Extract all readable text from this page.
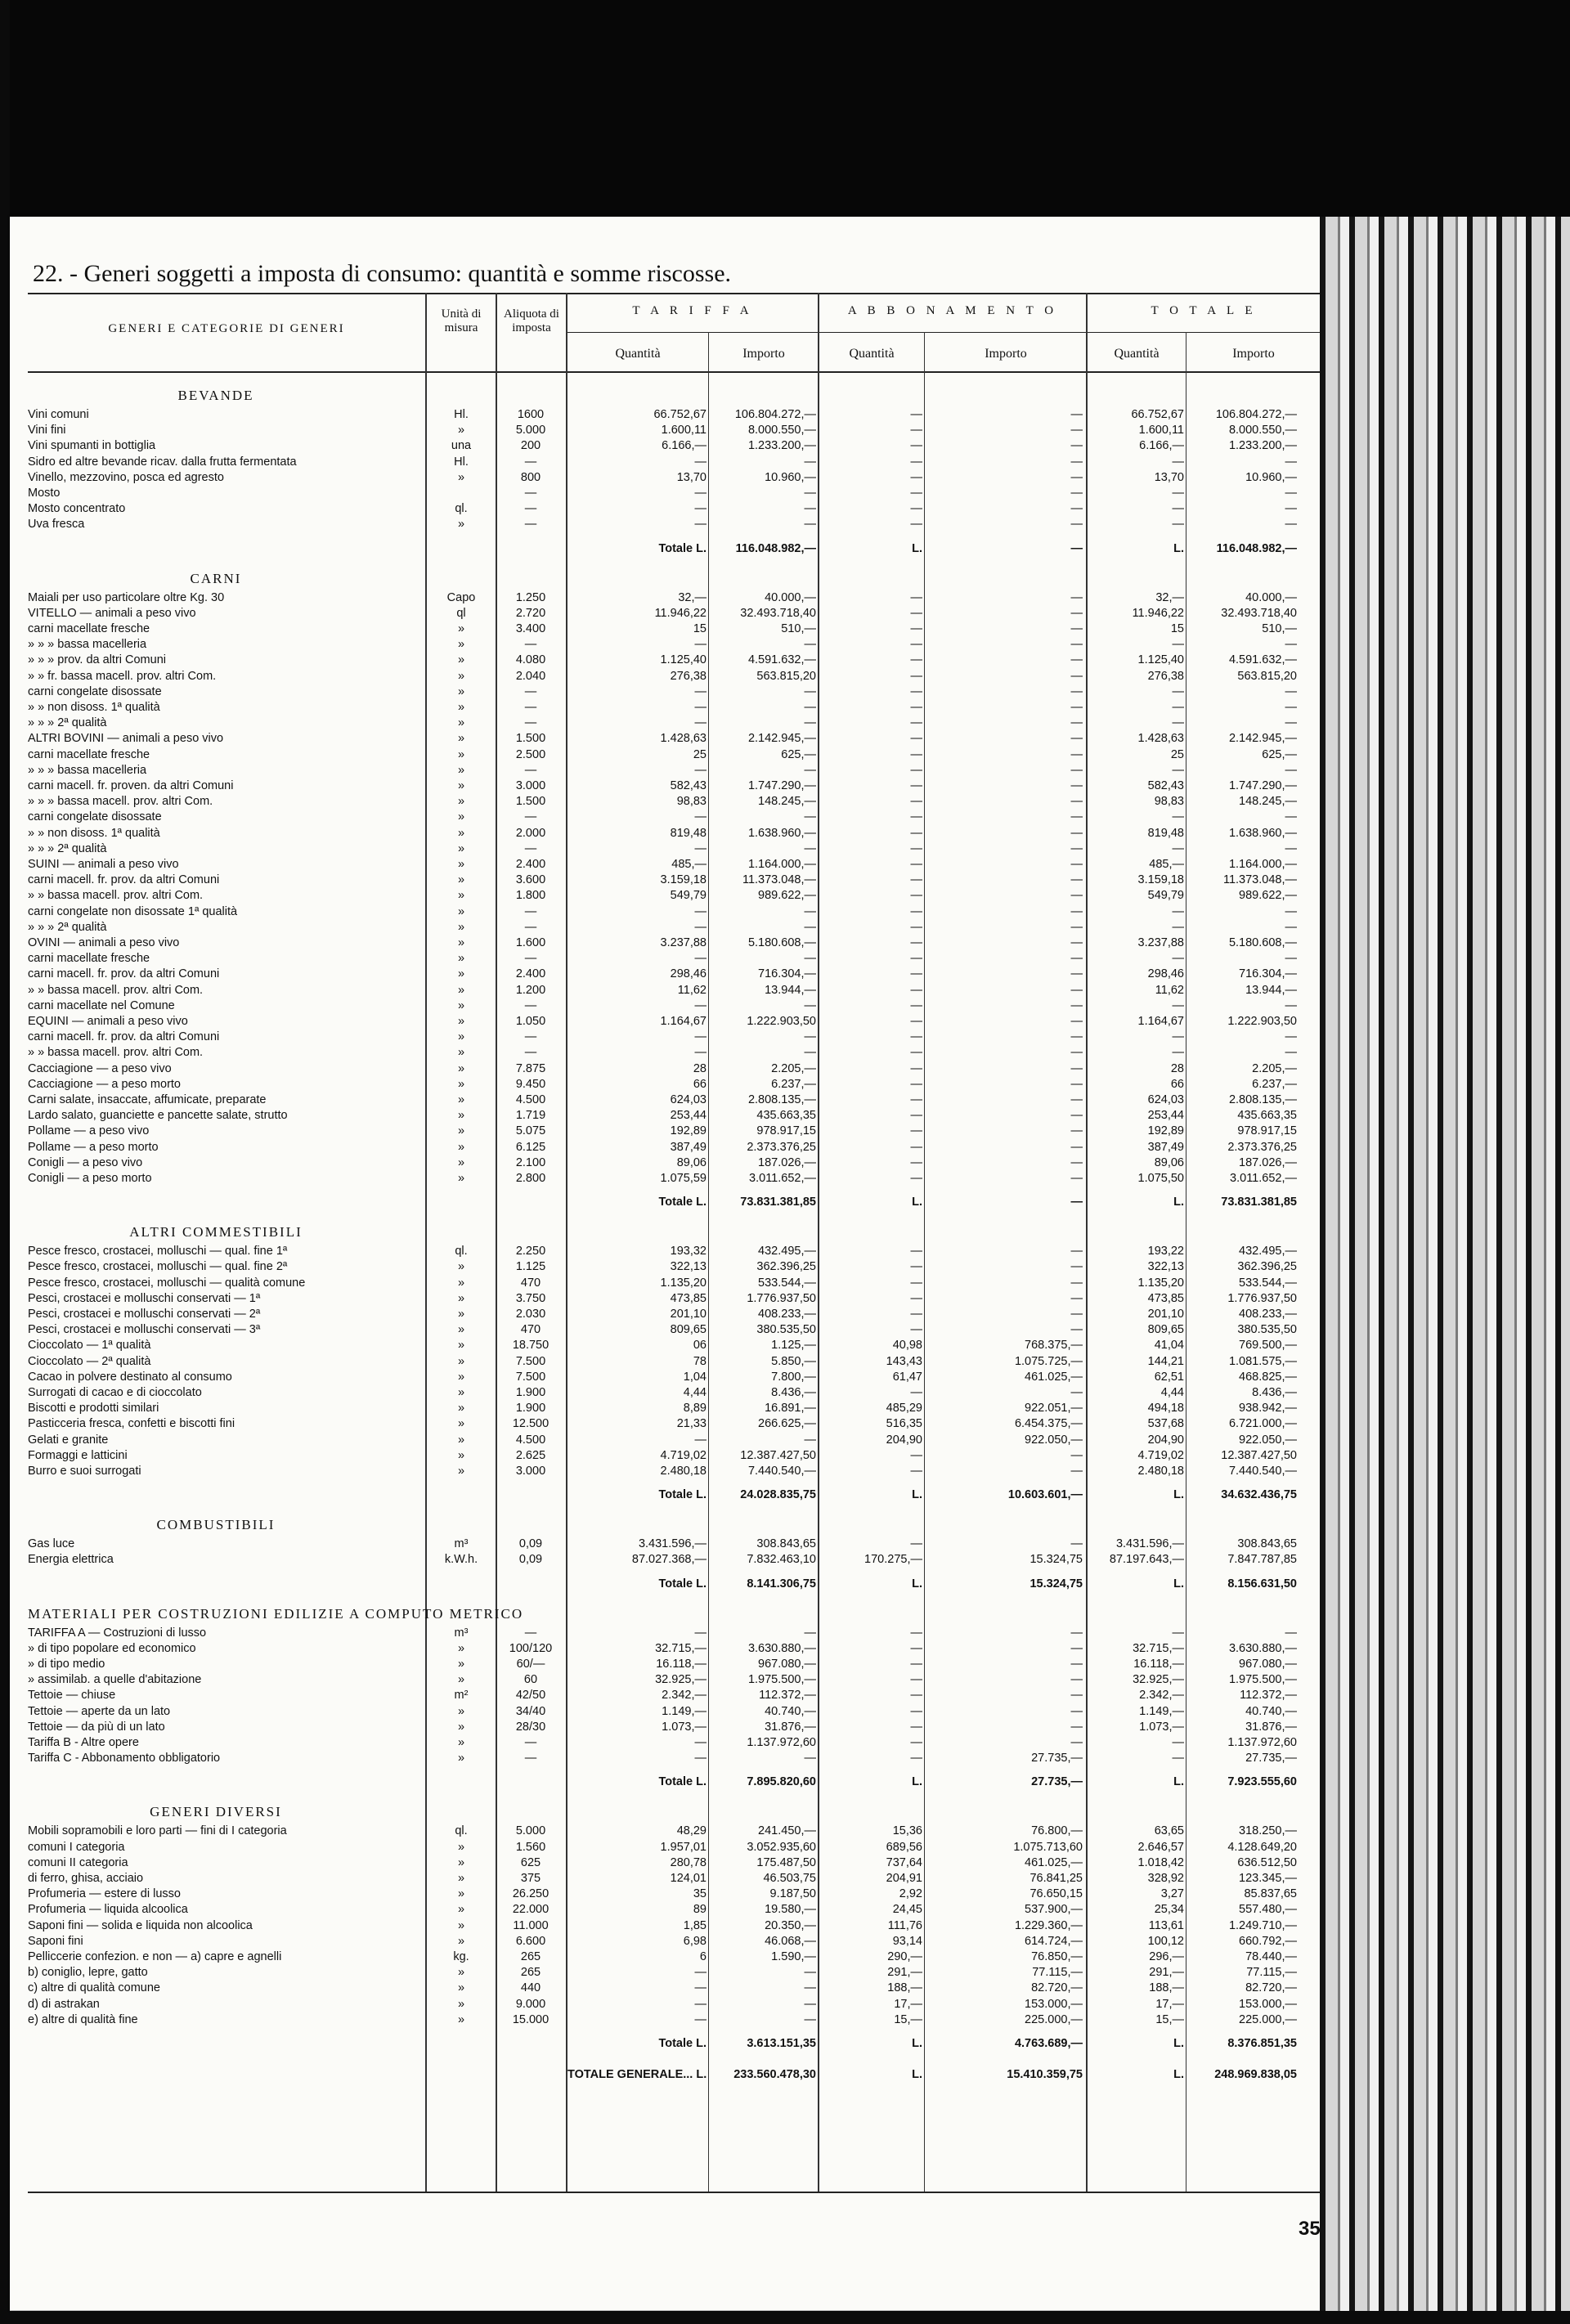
22. - Generi soggetti a imposta di consumo: quantità e somme riscosse.
GENERI E CATEGORIE DI GENERI
Unità di misura
Aliquota di imposta
T A R I F F A	A B B O N A M E N T O	T O T A L E
Quantità	Importo	Quantità	Importo	Quantità	Importo
BEVANDE
Vini comuni	Hl.	1600	66.752,67	106.804.272,—	—	—	66.752,67	106.804.272,—
Vini fini	»	5.000	1.600,11	8.000.550,—	—	—	1.600,11	8.000.550,—
Vini spumanti in bottiglia	una	200	6.166,—	1.233.200,—	—	—	6.166,—	1.233.200,—
Sidro ed altre bevande ricav. dalla frutta fermentata	Hl.	—	—	—	—	—	—	—
Vinello, mezzovino, posca ed agresto	»	800	13,70	10.960,—	—	—	13,70	10.960,—
Mosto	—	—	—	—	—	—	—
Mosto concentrato	ql.	—	—	—	—	—	—	—
Uva fresca	»	—	—	—	—	—	—	—
Totale L.	116.048.982,—	L.	—	L.	116.048.982,—
CARNI
Maiali per uso particolare oltre Kg. 30	Capo	1.250	32,—	40.000,—	—	—	32,—	40.000,—
VITELLO — animali a peso vivo	ql	2.720	11.946,22	32.493.718,40	—	—	11.946,22	32.493.718,40
carni macellate fresche	»	3.400	15	510,—	—	—	15	510,—
» » » bassa macelleria	»	—	—	—	—	—	—	—
» » » prov. da altri Comuni	»	4.080	1.125,40	4.591.632,—	—	—	1.125,40	4.591.632,—
» » fr. bassa macell. prov. altri Com.	»	2.040	276,38	563.815,20	—	—	276,38	563.815,20
carni congelate disossate	»	—	—	—	—	—	—	—
» » non disoss. 1ª qualità	»	—	—	—	—	—	—	—
» » » 2ª qualità	»	—	—	—	—	—	—	—
ALTRI BOVINI — animali a peso vivo	»	1.500	1.428,63	2.142.945,—	—	—	1.428,63	2.142.945,—
carni macellate fresche	»	2.500	25	625,—	—	—	25	625,—
» » » bassa macelleria	»	—	—	—	—	—	—	—
carni macell. fr. proven. da altri Comuni	»	3.000	582,43	1.747.290,—	—	—	582,43	1.747.290,—
» » » bassa macell. prov. altri Com.	»	1.500	98,83	148.245,—	—	—	98,83	148.245,—
carni congelate disossate	»	—	—	—	—	—	—	—
» » non disoss. 1ª qualità	»	2.000	819,48	1.638.960,—	—	—	819,48	1.638.960,—
» » » 2ª qualità	»	—	—	—	—	—	—	—
SUINI — animali a peso vivo	»	2.400	485,—	1.164.000,—	—	—	485,—	1.164.000,—
carni macell. fr. prov. da altri Comuni	»	3.600	3.159,18	11.373.048,—	—	—	3.159,18	11.373.048,—
» » bassa macell. prov. altri Com.	»	1.800	549,79	989.622,—	—	—	549,79	989.622,—
carni congelate non disossate 1ª qualità	»	—	—	—	—	—	—	—
» » » 2ª qualità	»	—	—	—	—	—	—	—
OVINI — animali a peso vivo	»	1.600	3.237,88	5.180.608,—	—	—	3.237,88	5.180.608,—
carni macellate fresche	»	—	—	—	—	—	—	—
carni macell. fr. prov. da altri Comuni	»	2.400	298,46	716.304,—	—	—	298,46	716.304,—
» » bassa macell. prov. altri Com.	»	1.200	11,62	13.944,—	—	—	11,62	13.944,—
carni macellate nel Comune	»	—	—	—	—	—	—	—
EQUINI — animali a peso vivo	»	1.050	1.164,67	1.222.903,50	—	—	1.164,67	1.222.903,50
carni macell. fr. prov. da altri Comuni	»	—	—	—	—	—	—	—
» » bassa macell. prov. altri Com.	»	—	—	—	—	—	—	—
Cacciagione — a peso vivo	»	7.875	28	2.205,—	—	—	28	2.205,—
Cacciagione — a peso morto	»	9.450	66	6.237,—	—	—	66	6.237,—
Carni salate, insaccate, affumicate, preparate	»	4.500	624,03	2.808.135,—	—	—	624,03	2.808.135,—
Lardo salato, guanciette e pancette salate, strutto	»	1.719	253,44	435.663,35	—	—	253,44	435.663,35
Pollame — a peso vivo	»	5.075	192,89	978.917,15	—	—	192,89	978.917,15
Pollame — a peso morto	»	6.125	387,49	2.373.376,25	—	—	387,49	2.373.376,25
Conigli — a peso vivo	»	2.100	89,06	187.026,—	—	—	89,06	187.026,—
Conigli — a peso morto	»	2.800	1.075,59	3.011.652,—	—	—	1.075,50	3.011.652,—
Totale L.	73.831.381,85	L.	—	L.	73.831.381,85
ALTRI COMMESTIBILI
Pesce fresco, crostacei, molluschi — qual. fine 1ª	ql.	2.250	193,32	432.495,—	—	—	193,22	432.495,—
Pesce fresco, crostacei, molluschi — qual. fine 2ª	»	1.125	322,13	362.396,25	—	—	322,13	362.396,25
Pesce fresco, crostacei, molluschi — qualità comune	»	470	1.135,20	533.544,—	—	—	1.135,20	533.544,—
Pesci, crostacei e molluschi conservati — 1ª	»	3.750	473,85	1.776.937,50	—	—	473,85	1.776.937,50
Pesci, crostacei e molluschi conservati — 2ª	»	2.030	201,10	408.233,—	—	—	201,10	408.233,—
Pesci, crostacei e molluschi conservati — 3ª	»	470	809,65	380.535,50	—	—	809,65	380.535,50
Cioccolato — 1ª qualità	»	18.750	06	1.125,—	40,98	768.375,—	41,04	769.500,—
Cioccolato — 2ª qualità	»	7.500	78	5.850,—	143,43	1.075.725,—	144,21	1.081.575,—
Cacao in polvere destinato al consumo	»	7.500	1,04	7.800,—	61,47	461.025,—	62,51	468.825,—
Surrogati di cacao e di cioccolato	»	1.900	4,44	8.436,—	—	—	4,44	8.436,—
Biscotti e prodotti similari	»	1.900	8,89	16.891,—	485,29	922.051,—	494,18	938.942,—
Pasticceria fresca, confetti e biscotti fini	»	12.500	21,33	266.625,—	516,35	6.454.375,—	537,68	6.721.000,—
Gelati e granite	»	4.500	—	—	204,90	922.050,—	204,90	922.050,—
Formaggi e latticini	»	2.625	4.719,02	12.387.427,50	—	—	4.719,02	12.387.427,50
Burro e suoi surrogati	»	3.000	2.480,18	7.440.540,—	—	—	2.480,18	7.440.540,—
Totale L.	24.028.835,75	L.	10.603.601,—	L.	34.632.436,75
COMBUSTIBILI
Gas luce	m³	0,09	3.431.596,—	308.843,65	—	—	3.431.596,—	308.843,65
Energia elettrica	k.W.h.	0,09	87.027.368,—	7.832.463,10	170.275,—	15.324,75	87.197.643,—	7.847.787,85
Totale L.	8.141.306,75	L.	15.324,75	L.	8.156.631,50
MATERIALI PER COSTRUZIONI EDILIZIE A COMPUTO METRICO
TARIFFA A — Costruzioni di lusso	m³	—	—	—	—	—	—	—
» di tipo popolare ed economico	»	100/120	32.715,—	3.630.880,—	—	—	32.715,—	3.630.880,—
» di tipo medio	»	60/—	16.118,—	967.080,—	—	—	16.118,—	967.080,—
» assimilab. a quelle d'abitazione	»	60	32.925,—	1.975.500,—	—	—	32.925,—	1.975.500,—
Tettoie — chiuse	m²	42/50	2.342,—	112.372,—	—	—	2.342,—	112.372,—
Tettoie — aperte da un lato	»	34/40	1.149,—	40.740,—	—	—	1.149,—	40.740,—
Tettoie — da più di un lato	»	28/30	1.073,—	31.876,—	—	—	1.073,—	31.876,—
Tariffa B - Altre opere	»	—	—	1.137.972,60	—	—	—	1.137.972,60
Tariffa C - Abbonamento obbligatorio	»	—	—	—	—	27.735,—	—	27.735,—
Totale L.	7.895.820,60	L.	27.735,—	L.	7.923.555,60
GENERI DIVERSI
Mobili sopramobili e loro parti — fini di I categoria	ql.	5.000	48,29	241.450,—	15,36	76.800,—	63,65	318.250,—
comuni I categoria	»	1.560	1.957,01	3.052.935,60	689,56	1.075.713,60	2.646,57	4.128.649,20
comuni II categoria	»	625	280,78	175.487,50	737,64	461.025,—	1.018,42	636.512,50
di ferro, ghisa, acciaio	»	375	124,01	46.503,75	204,91	76.841,25	328,92	123.345,—
Profumeria — estere di lusso	»	26.250	35	9.187,50	2,92	76.650,15	3,27	85.837,65
Profumeria — liquida alcoolica	»	22.000	89	19.580,—	24,45	537.900,—	25,34	557.480,—
Saponi fini — solida e liquida non alcoolica	»	11.000	1,85	20.350,—	111,76	1.229.360,—	113,61	1.249.710,—
Saponi fini	»	6.600	6,98	46.068,—	93,14	614.724,—	100,12	660.792,—
Pelliccerie confezion. e non — a) capre e agnelli	kg.	265	6	1.590,—	290,—	76.850,—	296,—	78.440,—
b) coniglio, lepre, gatto	»	265	—	—	291,—	77.115,—	291,—	77.115,—
c) altre di qualità comune	»	440	—	—	188,—	82.720,—	188,—	82.720,—
d) di astrakan	»	9.000	—	—	17,—	153.000,—	17,—	153.000,—
e) altre di qualità fine	»	15.000	—	—	15,—	225.000,—	15,—	225.000,—
Totale L.	3.613.151,35	L.	4.763.689,—	L.	8.376.851,35
TOTALE GENERALE... L.	233.560.478,30	L.	15.410.359,75	L.	248.969.838,05
35
